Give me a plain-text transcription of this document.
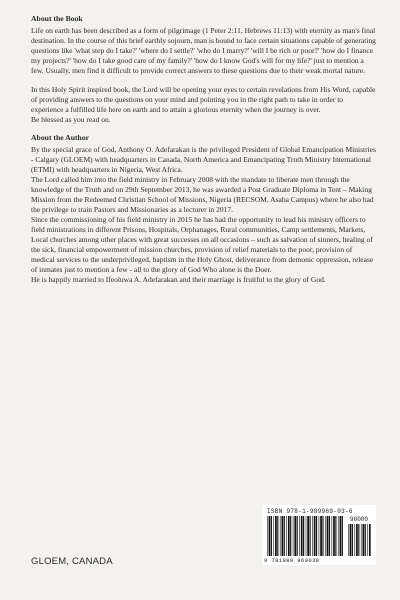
About the Book

Life on earth has been described as a form of pilgrimage (1 Peter 2:11, Hebrews 11:13) with eternity as man's final destination. In the course of this brief earthly sojourn, man is bound to face certain situations capable of generating questions like 'what step do I take?' 'where do I settle?' 'who do I marry?' 'will I be rich or poor?' 'how do I finance my projects?' 'how do I take good care of my family?' 'how do I know God's will for my life?' just to mention a few. Usually, men find it difficult to provide correct answers to these questions due to their weak mortal nature.

In this Holy Spirit inspired book, the Lord will be opening your eyes to certain revelations from His Word, capable of providing answers to the questions on your mind and pointing you in the right path to take in order to experience a fulfilled life here on earth and to attain a glorious eternity when the journey is over.

Be blessed as you read on.

About the Author

By the special grace of God, Anthony O. Adefarakan is the privileged President of Global Emancipation Ministries - Calgary (GLOEM) with headquarters in Canada, North America and Emancipating Truth Ministry International (ETMI) with headquarters in Nigeria, West Africa.

The Lord called him into the field ministry in February 2008 with the mandate to liberate men through the knowledge of the Truth and on 29th September 2013, he was awarded a Post Graduate Diploma in Tent – Making Mission from the Redeemed Christian School of Missions, Nigeria (RECSOM, Asaba Campus) where he also had the privilege to train Pastors and Missionaries as a lecturer in 2017.

Since the commissioning of his field ministry in 2015 he has had the opportunity to lead his ministry officers to field ministrations in different Prisons, Hospitals, Orphanages, Rural communities, Camp settlements, Markets, Local churches among other places with great successes on all occasions – such as salvation of sinners, healing of the sick, financial empowerment of mission churches, provision of relief materials to the poor, provision of medical services to the underprivileged, baptism in the Holy Ghost, deliverance from demonic oppression, release of inmates just to mention a few - all to the glory of God Who alone is the Doer.

He is happily married to Ifeoluwa A. Adefarakan and their marriage is fruitful to the glory of God.

GLOEM, CANADA
ISBN 978-1-989969-03-6
90000
9 781989 969038
